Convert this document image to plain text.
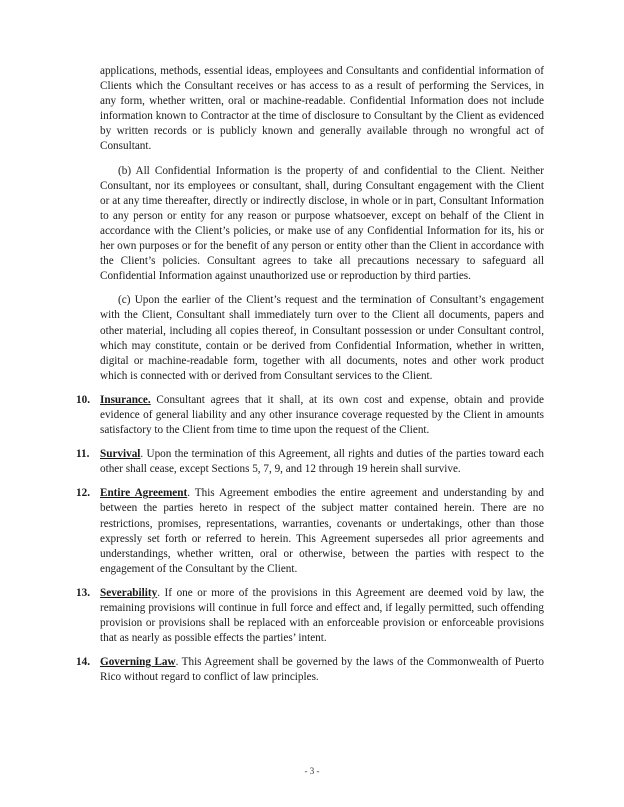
applications, methods, essential ideas, employees and Consultants and confidential information of Clients which the Consultant receives or has access to as a result of performing the Services, in any form, whether written, oral or machine-readable. Confidential Information does not include information known to Contractor at the time of disclosure to Consultant by the Client as evidenced by written records or is publicly known and generally available through no wrongful act of Consultant.

(b) All Confidential Information is the property of and confidential to the Client. Neither Consultant, nor its employees or consultant, shall, during Consultant engagement with the Client or at any time thereafter, directly or indirectly disclose, in whole or in part, Consultant Information to any person or entity for any reason or purpose whatsoever, except on behalf of the Client in accordance with the Client’s policies, or make use of any Confidential Information for its, his or her own purposes or for the benefit of any person or entity other than the Client in accordance with the Client’s policies. Consultant agrees to take all precautions necessary to safeguard all Confidential Information against unauthorized use or reproduction by third parties.

(c) Upon the earlier of the Client’s request and the termination of Consultant’s engagement with the Client, Consultant shall immediately turn over to the Client all documents, papers and other material, including all copies thereof, in Consultant possession or under Consultant control, which may constitute, contain or be derived from Confidential Information, whether in written, digital or machine-readable form, together with all documents, notes and other work product which is connected with or derived from Consultant services to the Client.

10. Insurance. Consultant agrees that it shall, at its own cost and expense, obtain and provide evidence of general liability and any other insurance coverage requested by the Client in amounts satisfactory to the Client from time to time upon the request of the Client.

11. Survival. Upon the termination of this Agreement, all rights and duties of the parties toward each other shall cease, except Sections 5, 7, 9, and 12 through 19 herein shall survive.

12. Entire Agreement. This Agreement embodies the entire agreement and understanding by and between the parties hereto in respect of the subject matter contained herein. There are no restrictions, promises, representations, warranties, covenants or undertakings, other than those expressly set forth or referred to herein. This Agreement supersedes all prior agreements and understandings, whether written, oral or otherwise, between the parties with respect to the engagement of the Consultant by the Client.

13. Severability. If one or more of the provisions in this Agreement are deemed void by law, the remaining provisions will continue in full force and effect and, if legally permitted, such offending provision or provisions shall be replaced with an enforceable provision or enforceable provisions that as nearly as possible effects the parties’ intent.

14. Governing Law. This Agreement shall be governed by the laws of the Commonwealth of Puerto Rico without regard to conflict of law principles.

- 3 -
